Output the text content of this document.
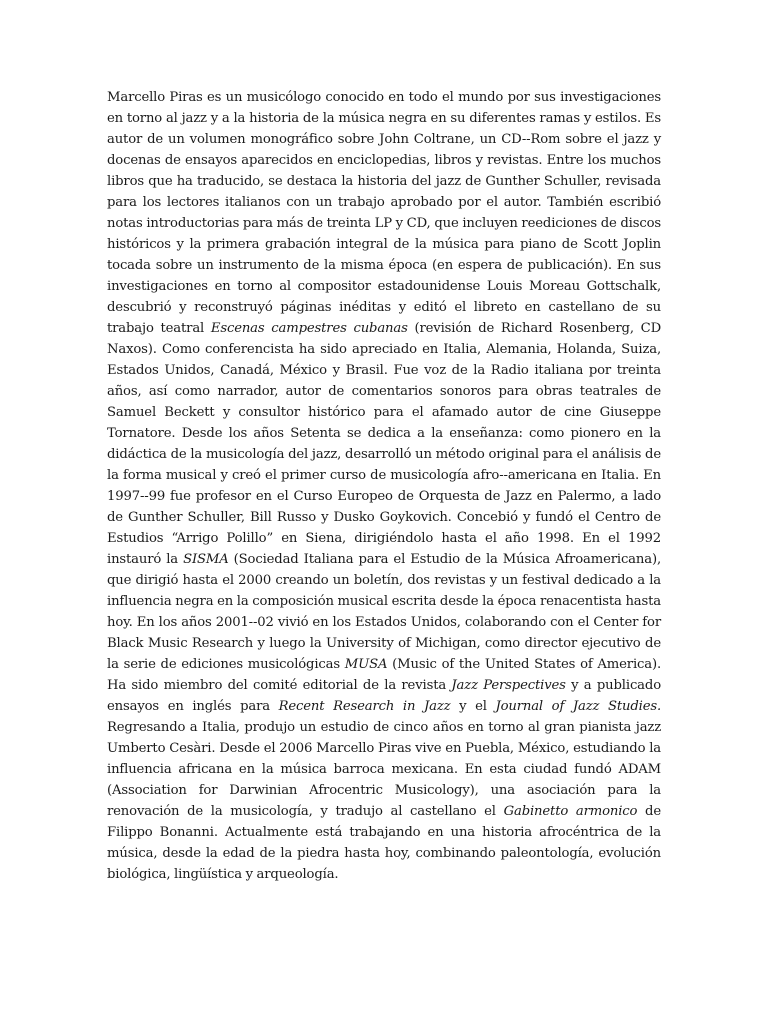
Marcello Piras es un musicólogo conocido en todo el mundo por sus investigaciones en torno al jazz y a la historia de la música negra en su diferentes ramas y estilos. Es autor de un volumen monográfico sobre John Coltrane, un CD--Rom sobre el jazz y docenas de ensayos aparecidos en enciclopedias, libros y revistas. Entre los muchos libros que ha traducido, se destaca la historia del jazz de Gunther Schuller, revisada para los lectores italianos con un trabajo aprobado por el autor. También escribió notas introductorias para más de treinta LP y CD, que incluyen reediciones de discos históricos y la primera grabación integral de la música para piano de Scott Joplin tocada sobre un instrumento de la misma época (en espera de publicación). En sus investigaciones en torno al compositor estadounidense Louis Moreau Gottschalk, descubrió y reconstruyó páginas inéditas y editó el libreto en castellano de su trabajo teatral Escenas campestres cubanas (revisión de Richard Rosenberg, CD Naxos). Como conferencista ha sido apreciado en Italia, Alemania, Holanda, Suiza, Estados Unidos, Canadá, México y Brasil. Fue voz de la Radio italiana por treinta años, así como narrador, autor de comentarios sonoros para obras teatrales de Samuel Beckett y consultor histórico para el afamado autor de cine Giuseppe Tornatore. Desde los años Setenta se dedica a la enseñanza: como pionero en la didáctica de la musicología del jazz, desarrolló un método original para el análisis de la forma musical y creó el primer curso de musicología afro--americana en Italia. En 1997--99 fue profesor en el Curso Europeo de Orquesta de Jazz en Palermo, a lado de Gunther Schuller, Bill Russo y Dusko Goykovich. Concebió y fundó el Centro de Estudios “Arrigo Polillo” en Siena, dirigiéndolo hasta el año 1998. En el 1992 instauró la SISMA (Sociedad Italiana para el Estudio de la Música Afroamericana), que dirigió hasta el 2000 creando un boletín, dos revistas y un festival dedicado a la influencia negra en la composición musical escrita desde la época renacentista hasta hoy. En los años 2001--02 vivió en los Estados Unidos, colaborando con el Center for Black Music Research y luego la University of Michigan, como director ejecutivo de la serie de ediciones musicológicas MUSA (Music of the United States of America). Ha sido miembro del comité editorial de la revista Jazz Perspectives y a publicado ensayos en inglés para Recent Research in Jazz y el Journal of Jazz Studies. Regresando a Italia, produjo un estudio de cinco años en torno al gran pianista jazz Umberto Cesàri. Desde el 2006 Marcello Piras vive en Puebla, México, estudiando la influencia africana en la música barroca mexicana. En esta ciudad fundó ADAM (Association for Darwinian Afrocentric Musicology), una asociación para la renovación de la musicología, y tradujo al castellano el Gabinetto armonico de Filippo Bonanni. Actualmente está trabajando en una historia afrocéntrica de la música, desde la edad de la piedra hasta hoy, combinando paleontología, evolución biológica, lingüística y arqueología.
